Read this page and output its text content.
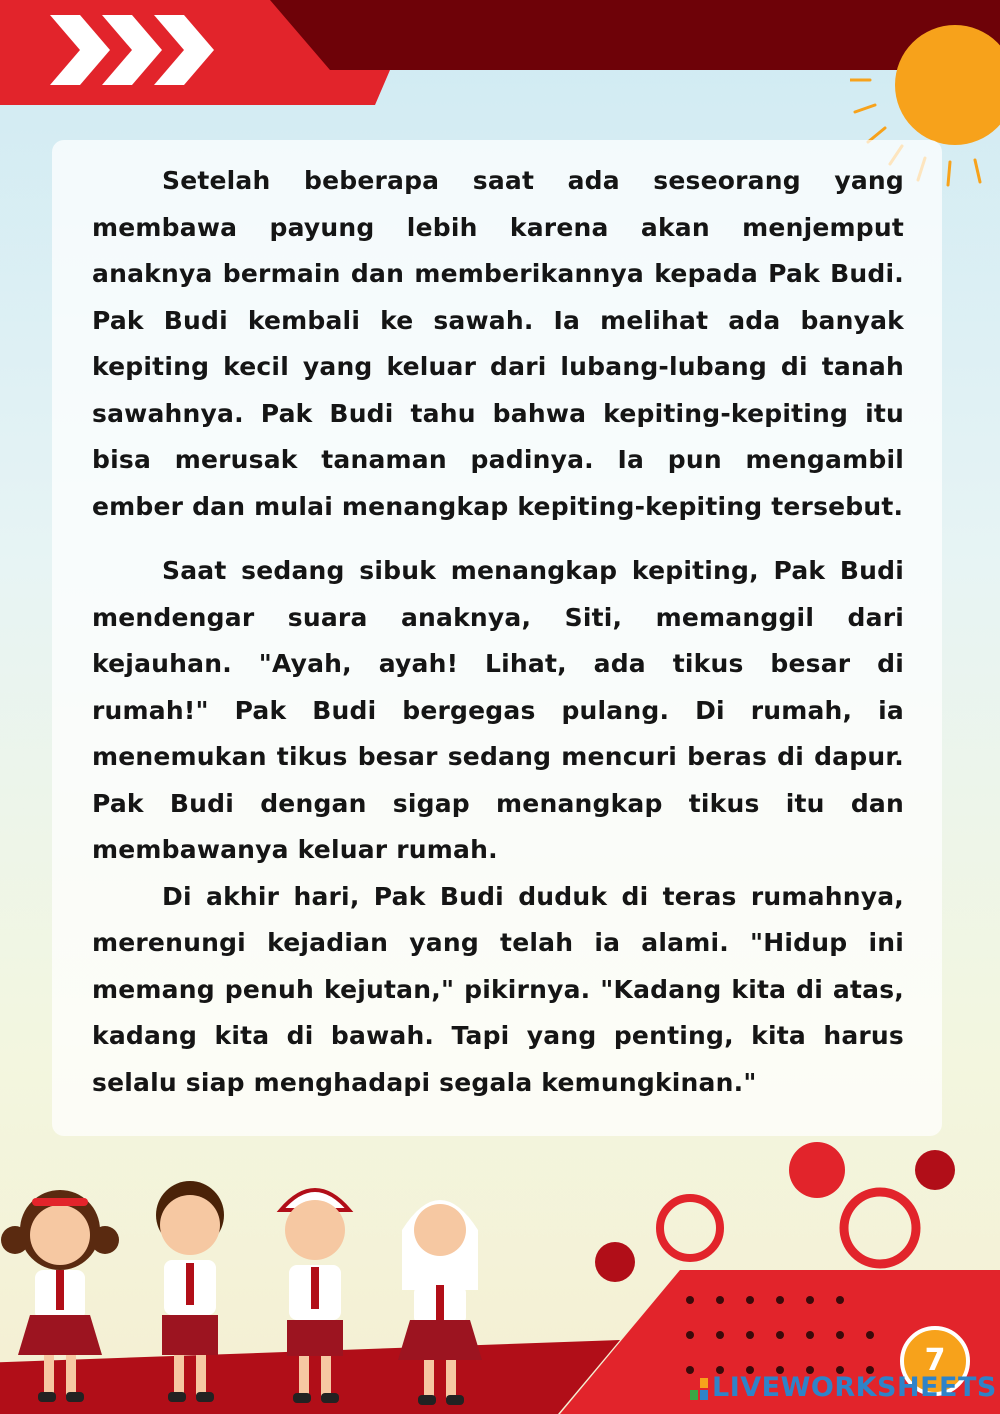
Setelah beberapa saat ada seseorang yang membawa payung lebih karena akan menjemput anaknya bermain dan memberikannya kepada Pak Budi. Pak Budi kembali ke sawah. Ia melihat ada banyak kepiting kecil yang keluar dari lubang-lubang di tanah sawahnya. Pak Budi tahu bahwa kepiting-kepiting itu bisa merusak tanaman padinya. Ia pun mengambil ember dan mulai menangkap kepiting-kepiting tersebut.

Saat sedang sibuk menangkap kepiting, Pak Budi mendengar suara anaknya, Siti, memanggil dari kejauhan. "Ayah, ayah! Lihat, ada tikus besar di rumah!" Pak Budi bergegas pulang. Di rumah, ia menemukan tikus besar sedang mencuri beras di dapur. Pak Budi dengan sigap menangkap tikus itu dan membawanya keluar rumah.

Di akhir hari, Pak Budi duduk di teras rumahnya, merenungi kejadian yang telah ia alami. "Hidup ini memang penuh kejutan," pikirnya. "Kadang kita di atas, kadang kita di bawah. Tapi yang penting, kita harus selalu siap menghadapi segala kemungkinan."

7
LIVEWORKSHEETS
